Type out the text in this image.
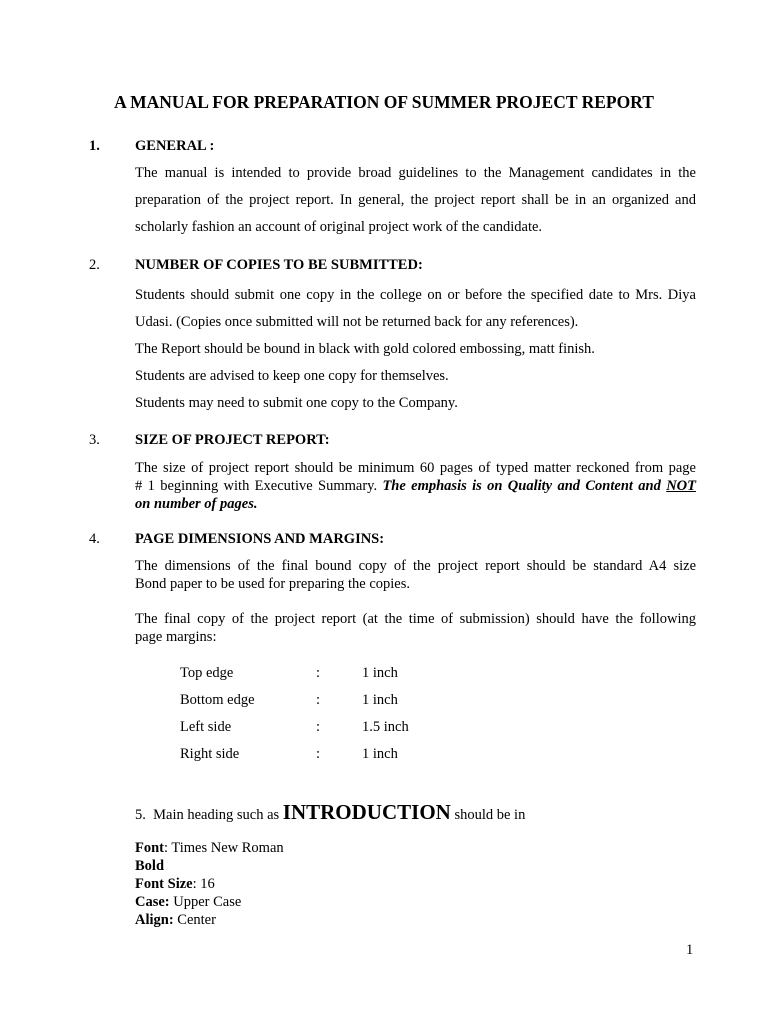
A MANUAL FOR PREPARATION OF SUMMER PROJECT REPORT
1. GENERAL :
The manual is intended to provide broad guidelines to the Management candidates in the
preparation of the project report. In general, the project report shall be in an organized and
scholarly fashion an account of original project work of the candidate.
2. NUMBER OF COPIES TO BE SUBMITTED:
Students should submit one copy in the college on or before the specified date to Mrs. Diya
Udasi. (Copies once submitted will not be returned back for any references).
The Report should be bound in black with gold colored embossing, matt finish.
Students are advised to keep one copy for themselves.
Students may need to submit one copy to the Company.
3. SIZE OF PROJECT REPORT:
The size of project report should be minimum 60 pages of typed matter reckoned from page
# 1 beginning with Executive Summary. The emphasis is on Quality and Content and NOT
on number of pages.
4. PAGE DIMENSIONS AND MARGINS:
The dimensions of the final bound copy of the project report should be standard A4 size
Bond paper to be used for preparing the copies.
The final copy of the project report (at the time of submission) should have the following
page margins:
Top edge	:	1 inch
Bottom edge	:	1 inch
Left side	:	1.5 inch
Right side	:	1 inch
5. Main heading such as INTRODUCTION should be in
Font: Times New Roman
Bold
Font Size: 16
Case: Upper Case
Align: Center
1
